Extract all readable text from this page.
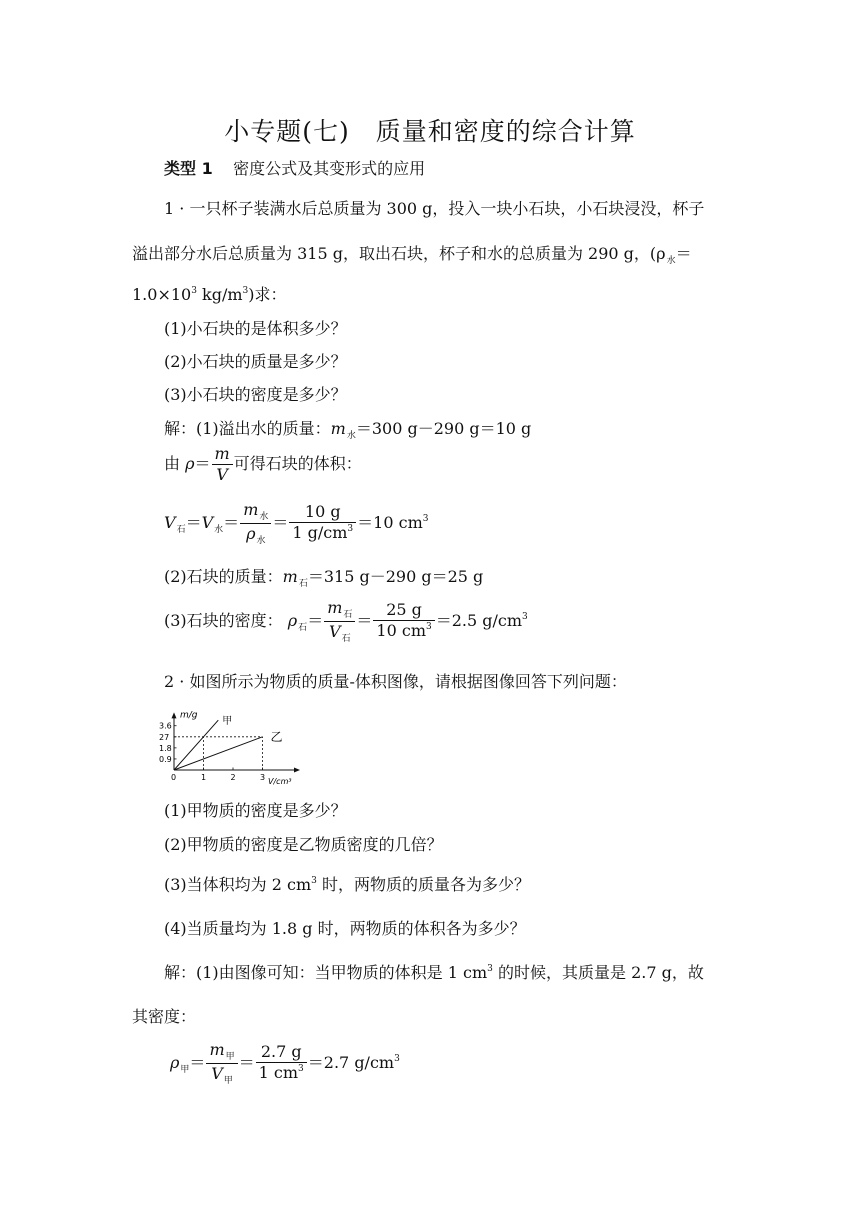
小专题(七)　质量和密度的综合计算
类型 1 密度公式及其变形式的应用
1 · 一只杯子装满水后总质量为 300 g，投入一块小石块，小石块浸没，杯子
溢出部分水后总质量为 315 g，取出石块，杯子和水的总质量为 290 g，($\rho_水=$
$1.0\times 10^3$ $kg/m^3$)求：
(1)小石块的是体积多少？
(2)小石块的质量是多少？
(3)小石块的密度是多少？
解：(1)溢出水的质量：$m_水=300$ g－290 g＝10 g
由 $\rho= \frac{m}{V}$ 可得石块的体积：
$V_石=V_水= \frac{m_水}{\rho_水} = \frac{10 g}{1 g/cm^3} =10$ $cm^3$
(2)石块的质量：$m_石=315$ g－290 g＝25 g
(3)石块的密度： $\rho_石= \frac{m_石}{V_石} = \frac{25 g}{10 cm^3} =2.5$ $g/cm^3$
2 · 如图所示为物质的质量-体积图像，请根据图像回答下列问题：
m/g
V/cm³
0	1	2	3
3.6
27
1.8
0.9
甲
乙
(1)甲物质的密度是多少？
(2)甲物质的密度是乙物质密度的几倍？
(3)当体积均为 2 $cm^3$ 时，两物质的质量各为多少？
(4)当质量均为 1.8 g 时，两物质的体积各为多少？
解：(1)由图像可知：当甲物质的体积是 1 $cm^3$ 的时候，其质量是 2.7 g，故
其密度：
$\rho_甲= \frac{m_甲}{V_甲} = \frac{2.7 g}{1 cm^3} =2.7$ $g/cm^3$
